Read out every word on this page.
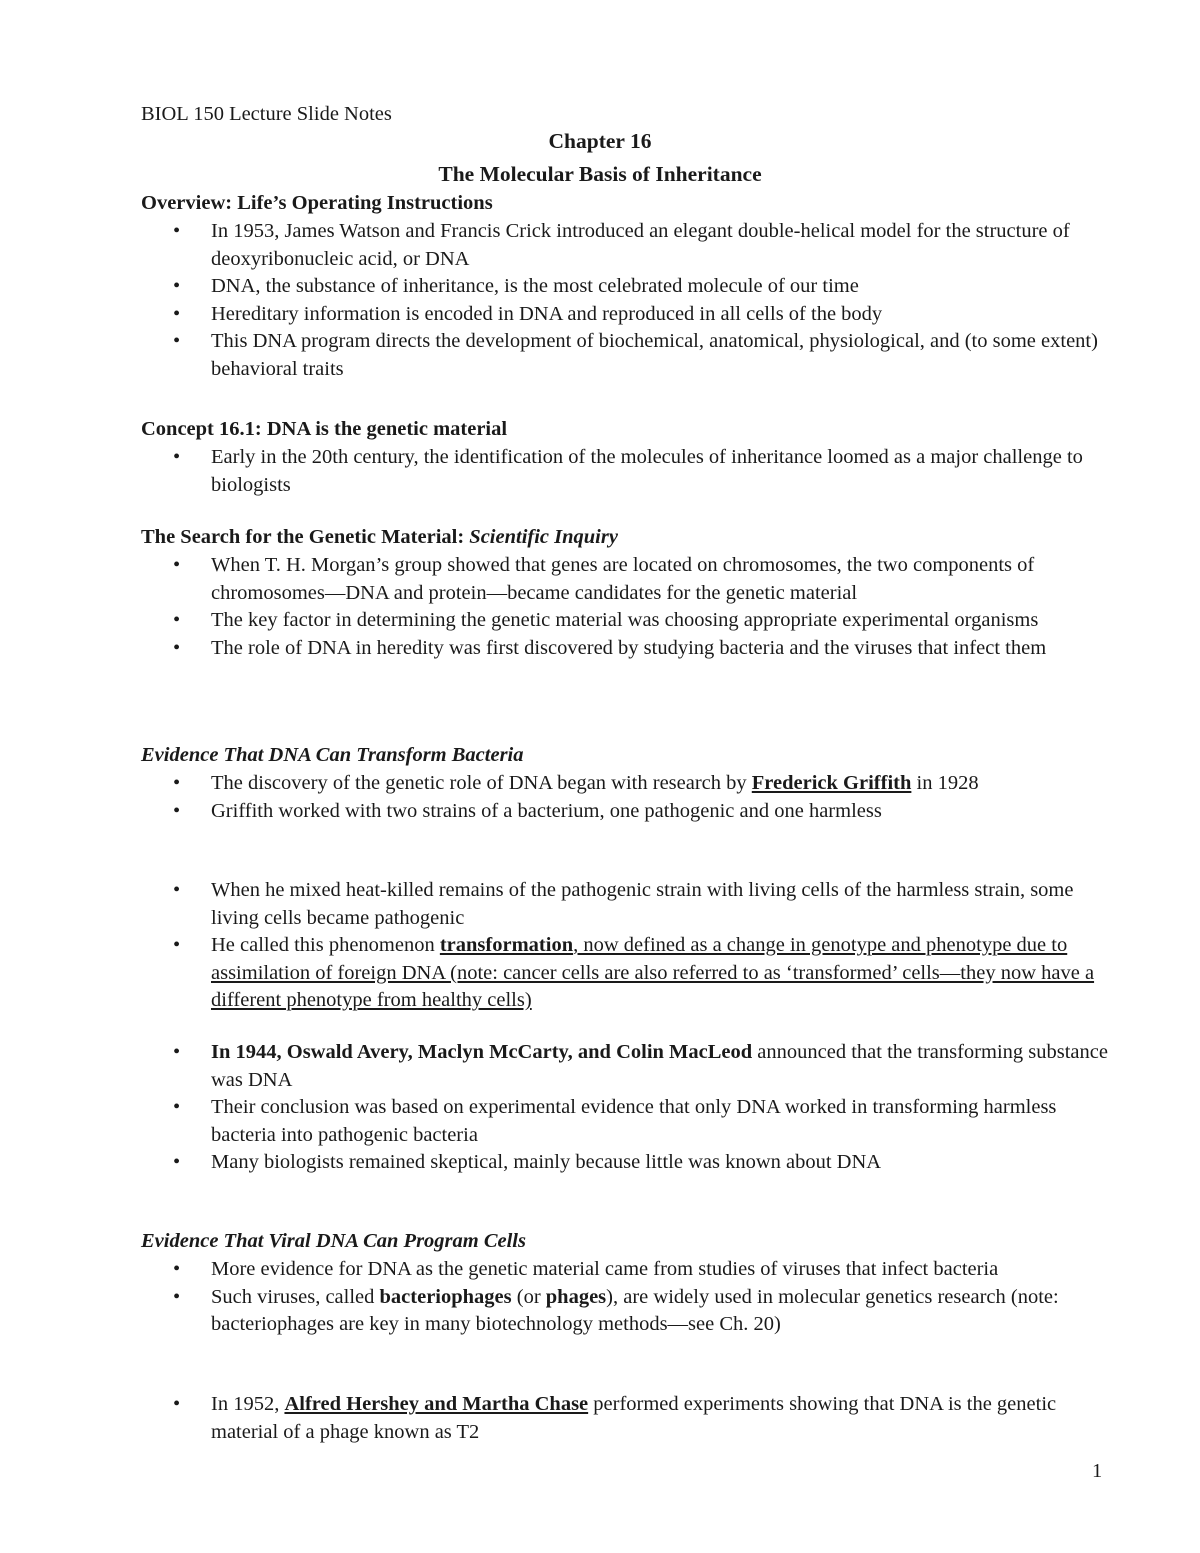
BIOL 150 Lecture Slide Notes
Chapter 16
The Molecular Basis of Inheritance
Overview: Life’s Operating Instructions
• In 1953, James Watson and Francis Crick introduced an elegant double-helical model for the structure of deoxyribonucleic acid, or DNA
• DNA, the substance of inheritance, is the most celebrated molecule of our time
• Hereditary information is encoded in DNA and reproduced in all cells of the body
• This DNA program directs the development of biochemical, anatomical, physiological, and (to some extent) behavioral traits
Concept 16.1: DNA is the genetic material
• Early in the 20th century, the identification of the molecules of inheritance loomed as a major challenge to biologists
The Search for the Genetic Material: Scientific Inquiry
• When T. H. Morgan’s group showed that genes are located on chromosomes, the two components of chromosomes—DNA and protein—became candidates for the genetic material
• The key factor in determining the genetic material was choosing appropriate experimental organisms
• The role of DNA in heredity was first discovered by studying bacteria and the viruses that infect them
Evidence That DNA Can Transform Bacteria
• The discovery of the genetic role of DNA began with research by Frederick Griffith in 1928
• Griffith worked with two strains of a bacterium, one pathogenic and one harmless
• When he mixed heat-killed remains of the pathogenic strain with living cells of the harmless strain, some living cells became pathogenic
• He called this phenomenon transformation, now defined as a change in genotype and phenotype due to assimilation of foreign DNA (note: cancer cells are also referred to as ‘transformed’ cells—they now have a different phenotype from healthy cells)
• In 1944, Oswald Avery, Maclyn McCarty, and Colin MacLeod announced that the transforming substance was DNA
• Their conclusion was based on experimental evidence that only DNA worked in transforming harmless bacteria into pathogenic bacteria
• Many biologists remained skeptical, mainly because little was known about DNA
Evidence That Viral DNA Can Program Cells
• More evidence for DNA as the genetic material came from studies of viruses that infect bacteria
• Such viruses, called bacteriophages (or phages), are widely used in molecular genetics research (note: bacteriophages are key in many biotechnology methods—see Ch. 20)
• In 1952, Alfred Hershey and Martha Chase performed experiments showing that DNA is the genetic material of a phage known as T2
1
